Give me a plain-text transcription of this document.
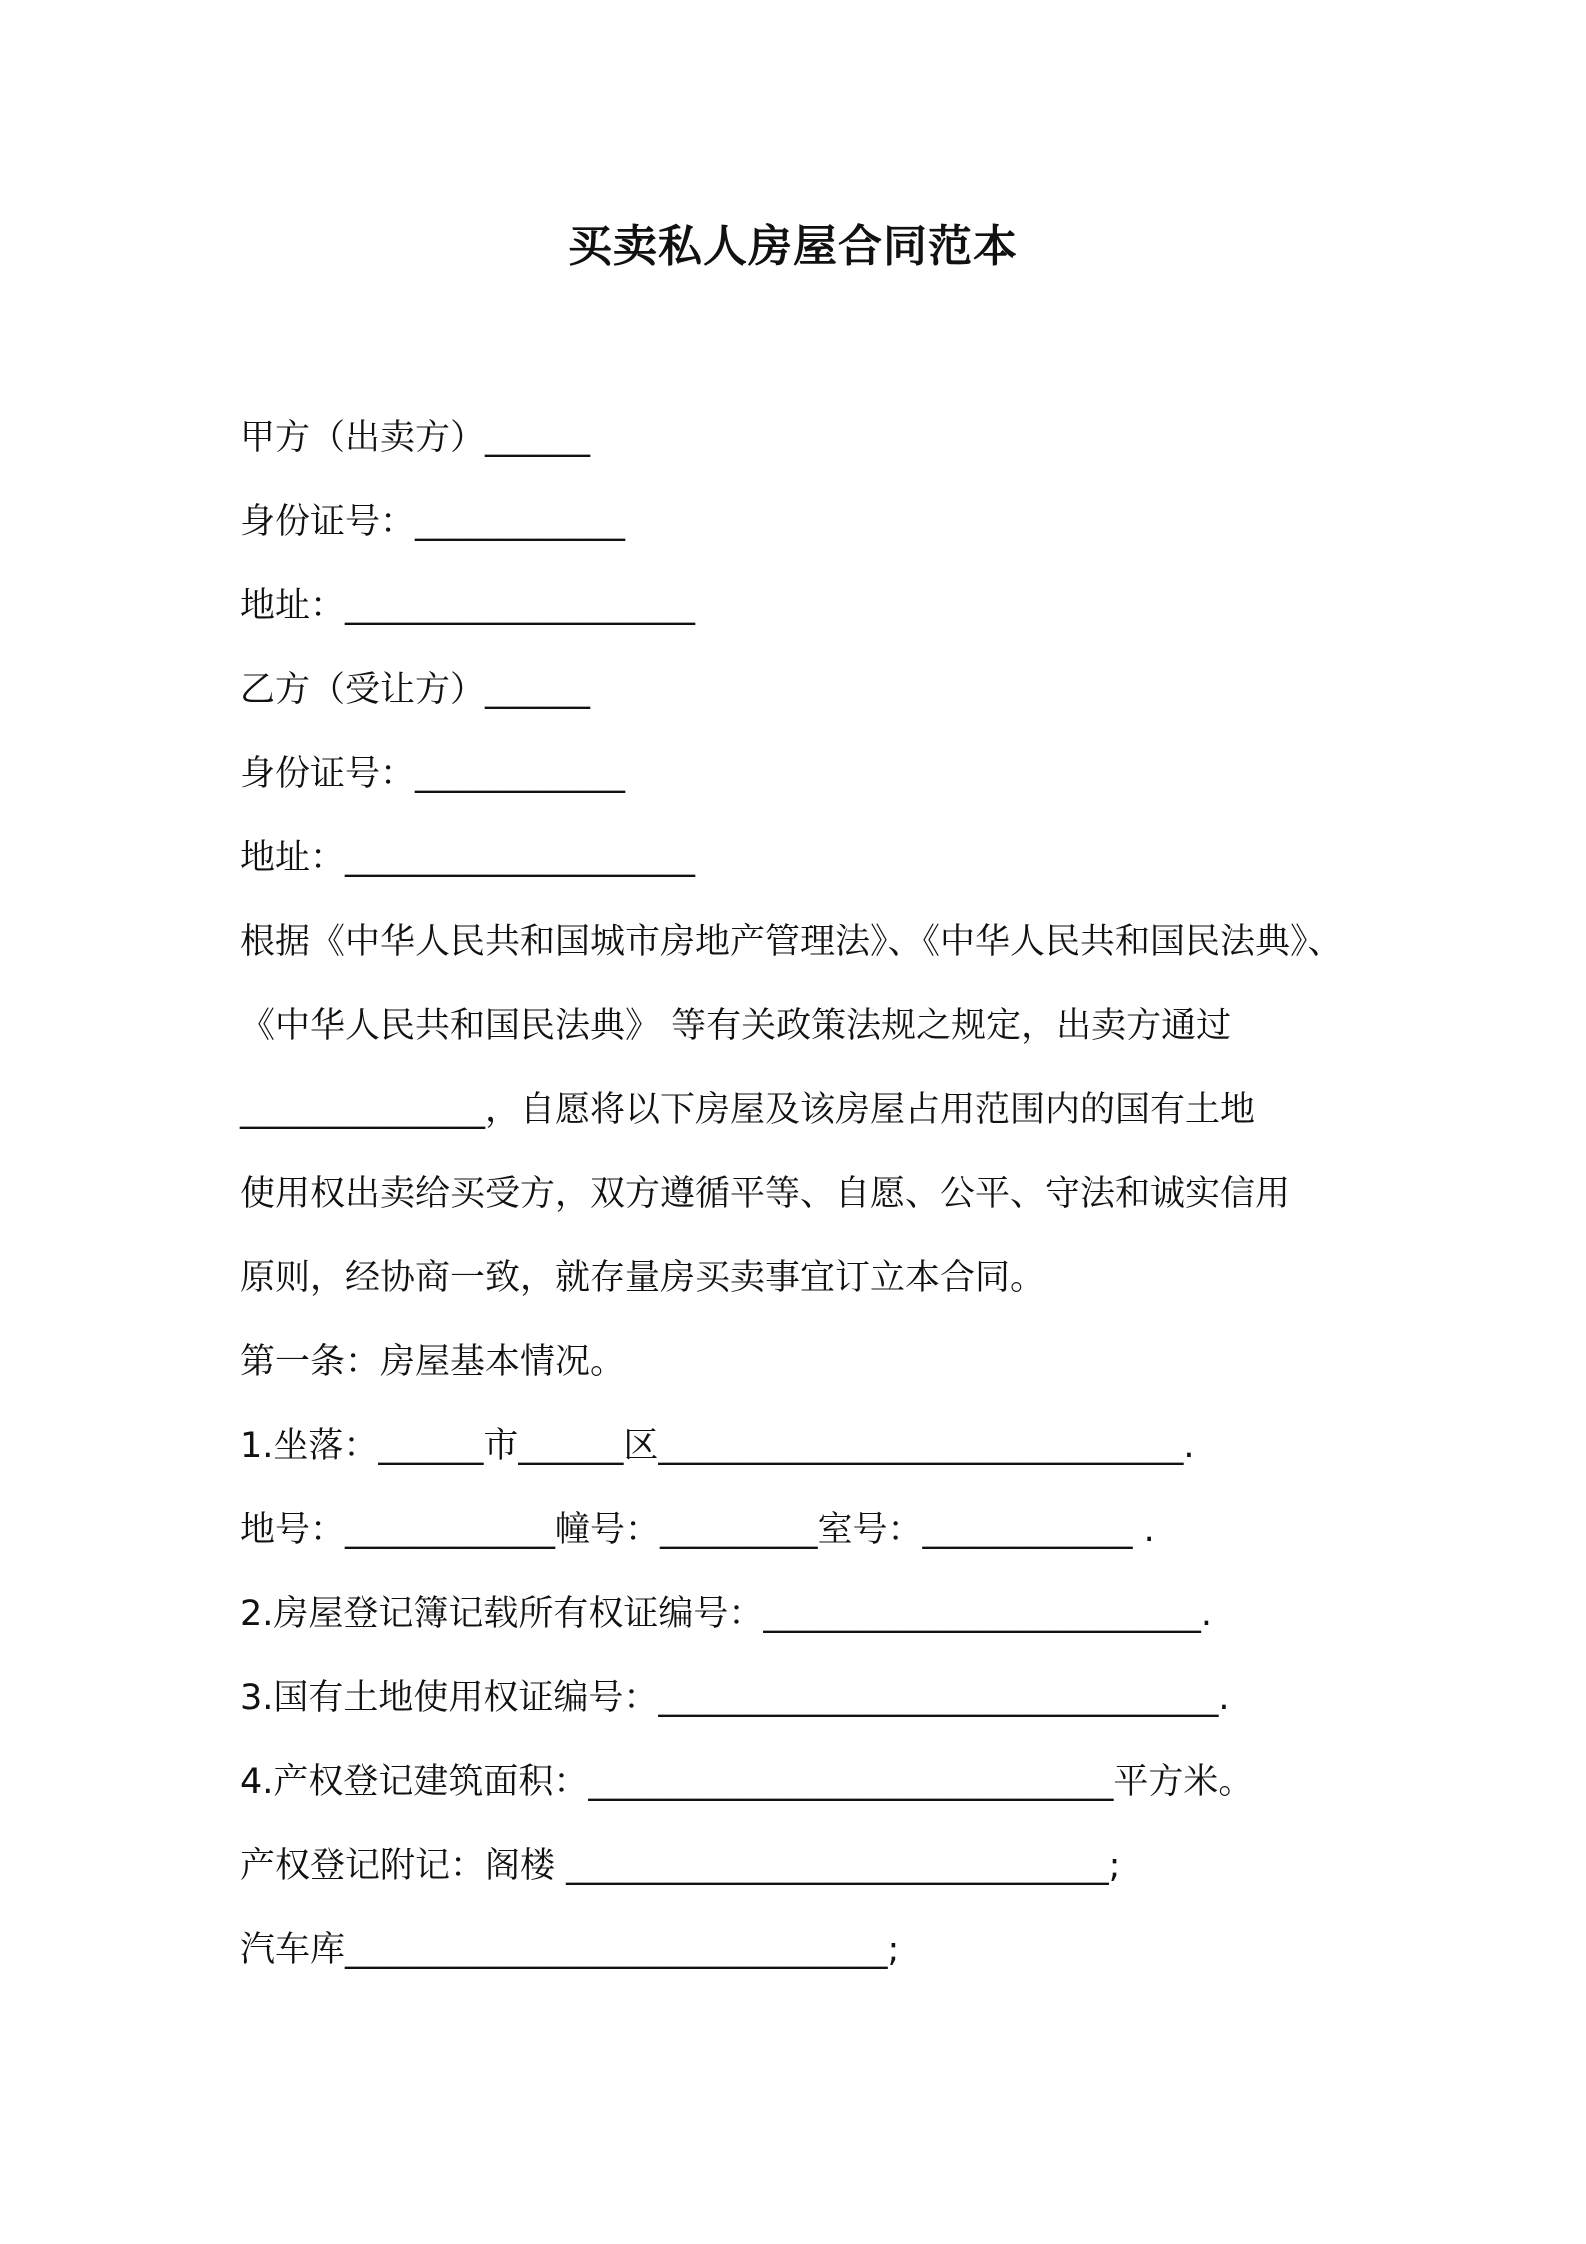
买卖私人房屋合同范本
甲方（出卖方）______
身份证号：____________
地址：____________________
乙方（受让方）______
身份证号：____________
地址：____________________
根据《中华人民共和国城市房地产管理法》、《中华人民共和国民法典》、
《中华人民共和国民法典》 等有关政策法规之规定，出卖方通过
______________，自愿将以下房屋及该房屋占用范围内的国有土地
使用权出卖给买受方，双方遵循平等、自愿、公平、守法和诚实信用
原则，经协商一致，就存量房买卖事宜订立本合同。
第一条：房屋基本情况。
1.坐落：______市______区______________________________.
地号：____________幢号：_________室号：____________ .
2.房屋登记簿记载所有权证编号：_________________________.
3.国有土地使用权证编号：________________________________.
4.产权登记建筑面积：______________________________平方米。
产权登记附记：阁楼 _______________________________;
汽车库_______________________________;
